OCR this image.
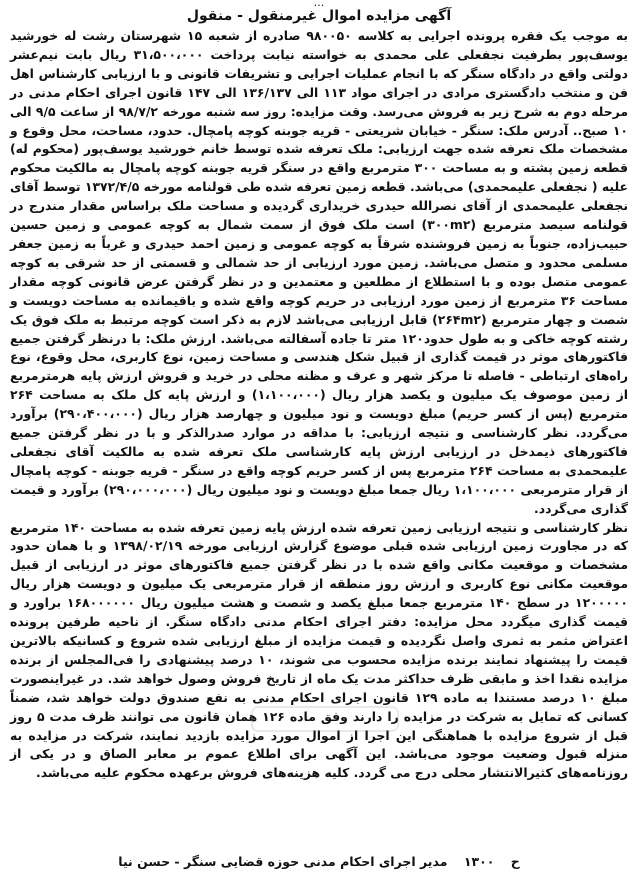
آگهی مزایده اموال غیرمنقول - منقول

به موجب یک فقره پرونده اجرایی به کلاسه ۹۸۰۰۵۰ صادره از شعبه ۱۵ شهرستان رشت له خورشید یوسف‌پور بطرفیت نجفعلی علی محمدی به خواسته نیابت پرداخت ۳۱،۵۰۰،۰۰۰ ریال بابت نیم‌عشر دولتی واقع در دادگاه سنگر که با انجام عملیات اجرایی و تشریفات قانونی و با ارزیابی کارشناس اهل فن و منتخب دادگستری مرادی در اجرای مواد ۱۱۳ الی ۱۳۶/۱۳۷ الی ۱۴۷ قانون اجرای احکام مدنی در مرحله دوم به شرح زیر به فروش می‌رسد. وقت مزایده: روز سه شنبه مورخه ۹۸/۷/۲ از ساعت ۹/۵ الی ۱۰ صبح.. آدرس ملک: سنگر - خیابان شریعتی - قریه جوبنه کوچه پامچال. حدود، مساحت، محل وقوع و مشخصات ملک تعرفه شده جهت ارزیابی: ملک تعرفه شده توسط خانم خورشید یوسف‌پور (محکوم له) قطعه زمین پشته و به مساحت ۳۰۰ مترمربع واقع در سنگر قریه جوبنه کوچه پامچال به مالکیت محکوم علیه ( نجفعلی علیمحمدی) می‌باشد. قطعه زمین تعرفه شده طی قولنامه مورخه ۱۳۷۲/۴/۵ توسط آقای نجفعلی علیمحمدی از آقای نصرالله حیدری خریداری گردیده و مساحت ملک براساس مقدار مندرج در قولنامه سیصد مترمربع (۳۰۰m۲) است ملک فوق از سمت شمال به کوچه عمومی و زمین حسین حبیب‌زاده، جنوباً به زمین فروشنده شرقاً به کوچه عمومی و زمین احمد حیدری و غرباً به زمین جعفر مسلمی محدود و متصل می‌باشد. زمین مورد ارزیابی از حد شمالی و قسمتی از حد شرقی به کوچه عمومی متصل بوده و با استطلاع از مطلعین و معتمدین و در نظر گرفتن عرض قانونی کوچه مقدار مساحت ۳۶ مترمربع از زمین مورد ارزیابی در حریم کوچه واقع شده و باقیمانده به مساحت دویست و شصت و چهار مترمربع (۲۶۴m۲) قابل ارزیابی می‌باشد لازم به ذکر است کوچه مرتبط به ملک فوق یک رشته کوچه خاکی و به طول حدود۱۲۰ متر تا جاده آسفالته می‌باشد. ارزش ملک: با درنظر گرفتن جمیع فاکتورهای موثر در قیمت گذاری از قبیل شکل هندسی و مساحت زمین، نوع کاربری، محل وقوع، نوع راه‌های ارتباطی - فاصله تا مرکز شهر و عرف و مظنه محلی در خرید و فروش ارزش پایه هرمترمربع از زمین موصوف یک میلیون و یکصد هزار ریال (۱،۱۰۰،۰۰۰) و ارزش پایه کل ملک به مساحت ۲۶۴ مترمربع (پس از کسر حریم) مبلغ دویست و نود میلیون و چهارصد هزار ریال (۲۹۰،۴۰۰،۰۰۰) برآورد می‌گردد. نظر کارشناسی و نتیجه ارزیابی: با مداقه در موارد صدرالذکر و با در نظر گرفتن جمیع فاکتورهای ذیمدخل در ارزیابی ارزش پایه کارشناسی ملک تعرفه شده به مالکیت آقای نجفعلی علیمحمدی به مساحت ۲۶۴ مترمربع پس از کسر حریم کوچه واقع در سنگر - قریه جوبنه - کوچه پامچال از قرار مترمربعی ۱،۱۰۰،۰۰۰ ریال جمعا مبلغ دویست و نود میلیون ریال (۲۹۰،۰۰۰،۰۰۰) برآورد و قیمت گذاری می‌گردد.

نظر کارشناسی و نتیجه ارزیابی زمین تعرفه شده ارزش پایه زمین تعرفه شده به مساحت ۱۴۰ مترمربع که در مجاورت زمین ارزیابی شده قبلی موضوع گزارش ارزیابی مورخه ۱۳۹۸/۰۲/۱۹ و با همان حدود مشخصات و موقعیت مکانی واقع شده با در نظر گرفتن جمیع فاکتورهای موثر در ارزیابی از قبیل موقعیت مکانی نوع کاربری و ارزش روز منطقه از قرار مترمربعی یک میلیون و دویست هزار ریال ۱۲۰۰۰۰۰ در سطح ۱۴۰ مترمربع جمعا مبلغ یکصد و شصت و هشت میلیون ریال ۱۶۸۰۰۰۰۰۰ براورد و قیمت گذاری میگردد محل مزایده: دفتر اجرای احکام مدنی دادگاه سنگر. از ناحیه طرفین پرونده اعتراض مثمر به ثمری واصل نگردیده و قیمت مزایده از مبلغ ارزیابی شده شروع و کسانیکه بالاترین قیمت را پیشنهاد نمایند برنده مزایده محسوب می شوند، ۱۰ درصد پیشنهادی را فی‌المجلس از برنده مزایده نقدا اخذ و مابقی ظرف حداکثر مدت یک ماه از تاریخ فروش وصول خواهد شد. در غیراینصورت مبلغ ۱۰ درصد مستندا به ماده ۱۲۹ قانون اجرای احکام مدنی به نفع صندوق دولت خواهد شد، ضمناً کسانی که تمایل به شرکت در مزایده را دارند وفق ماده ۱۲۶ همان قانون می توانند ظرف مدت ۵ روز قبل از شروع مزایده با هماهنگی این اجرا از اموال مورد مزایده بازدید نمایند، شرکت در مزایده به منزله قبول وضعیت موجود می‌باشد. این آگهی برای اطلاع عموم بر معابر الصاق و در یکی از روزنامه‌های کثیرالانتشار محلی درج می گردد. کلیه هزینه‌های فروش برعهده محکوم علیه می‌باشد.

ح ۱۳۰۰ مدیر اجرای احکام مدنی حوزه قضایی سنگر - حسن نیا
